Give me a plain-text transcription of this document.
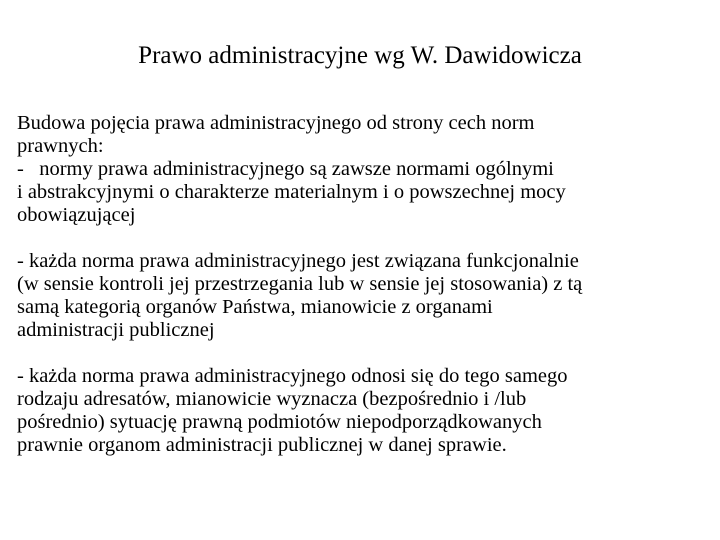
Prawo administracyjne wg W. Dawidowicza

Budowa pojęcia prawa administracyjnego od strony cech norm
prawnych:
-   normy prawa administracyjnego są zawsze normami ogólnymi
i abstrakcyjnymi o charakterze materialnym i o powszechnej mocy
obowiązującej

- każda norma prawa administracyjnego jest związana funkcjonalnie
(w sensie kontroli jej przestrzegania lub w sensie jej stosowania) z tą
samą kategorią organów Państwa, mianowicie z organami
administracji publicznej

- każda norma prawa administracyjnego odnosi się do tego samego
rodzaju adresatów, mianowicie wyznacza (bezpośrednio i /lub
pośrednio) sytuację prawną podmiotów niepodporządkowanych
prawnie organom administracji publicznej w danej sprawie.
